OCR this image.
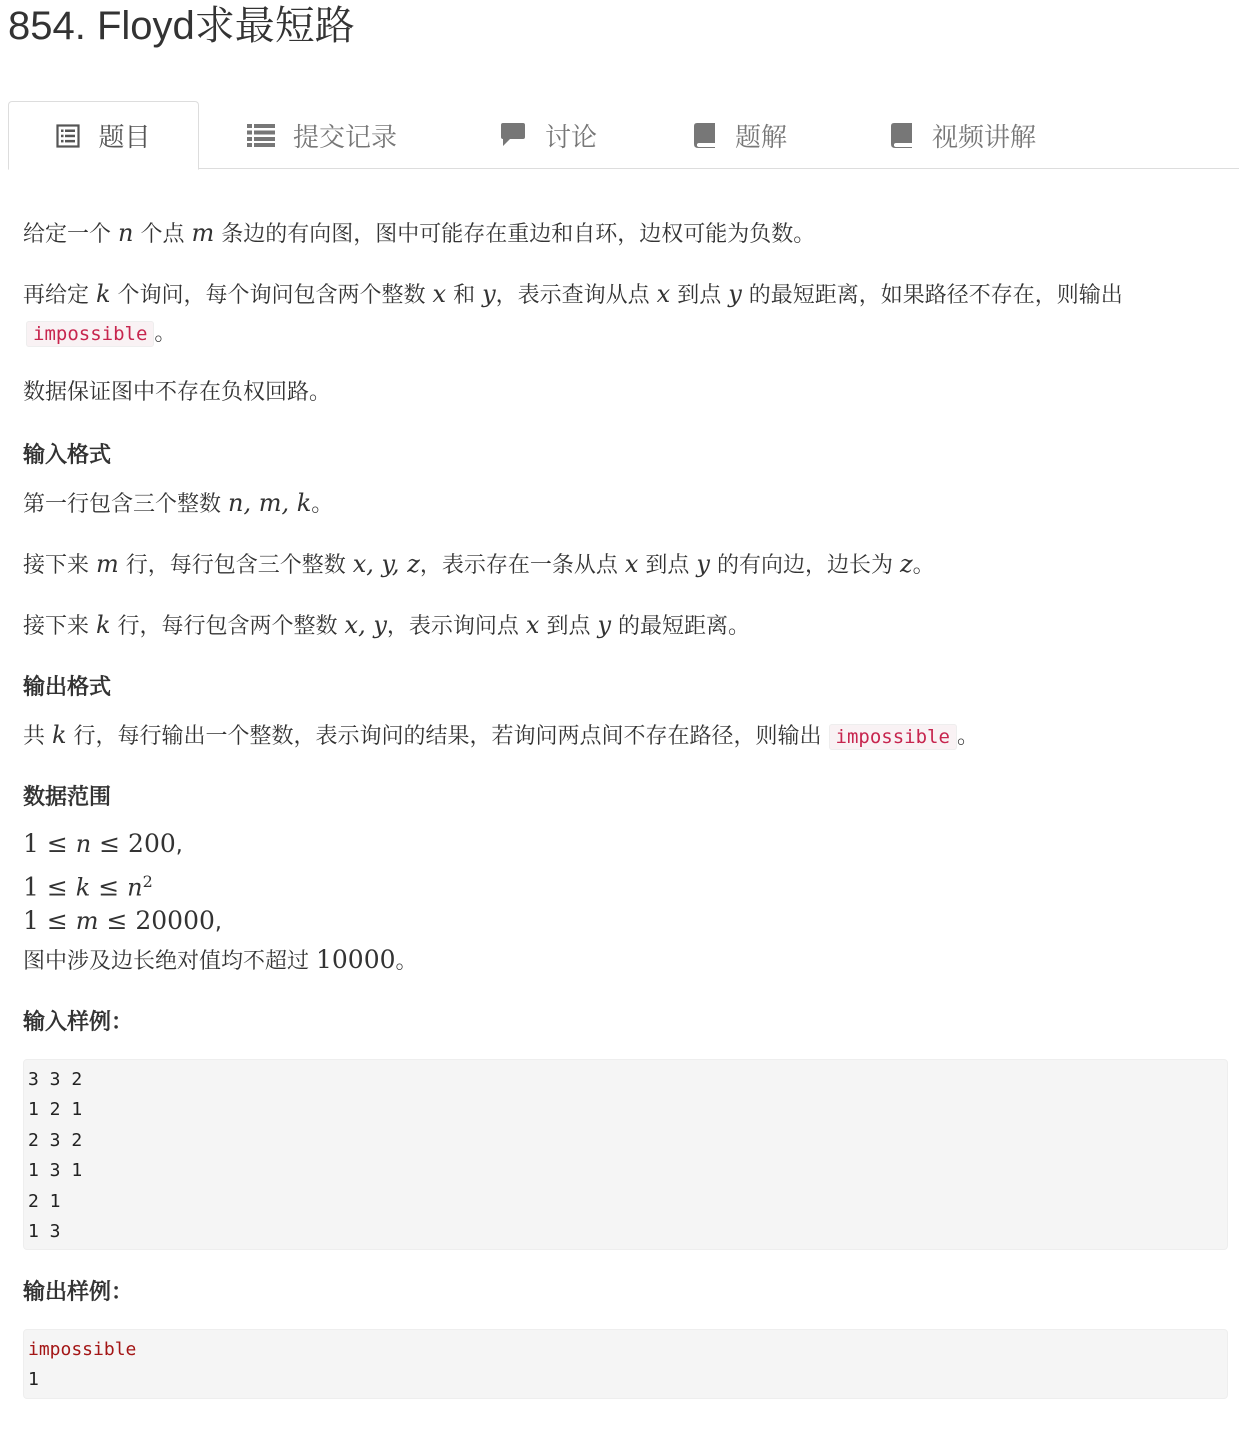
854. Floyd求最短路
题目	提交记录	讨论	题解	视频讲解

给定一个 n 个点 m 条边的有向图，图中可能存在重边和自环，边权可能为负数。

再给定 k 个询问，每个询问包含两个整数 x 和 y，表示查询从点 x 到点 y 的最短距离，如果路径不存在，则输出

impossible 。

数据保证图中不存在负权回路。

输入格式

第一行包含三个整数 n, m, k。

接下来 m 行，每行包含三个整数 x, y, z，表示存在一条从点 x 到点 y 的有向边，边长为 z。

接下来 k 行，每行包含两个整数 x, y，表示询问点 x 到点 y 的最短距离。

输出格式

共 k 行，每行输出一个整数，表示询问的结果，若询问两点间不存在路径，则输出 impossible 。

数据范围

1 ≤ n ≤ 200,

$1 \le k \le n^2$

1 ≤ m ≤ 20000,

图中涉及边长绝对值均不超过 10000。

输入样例：
3 3 2
1 2 1
2 3 2
1 3 1
2 1
1 3
输出样例：
impossible
1
